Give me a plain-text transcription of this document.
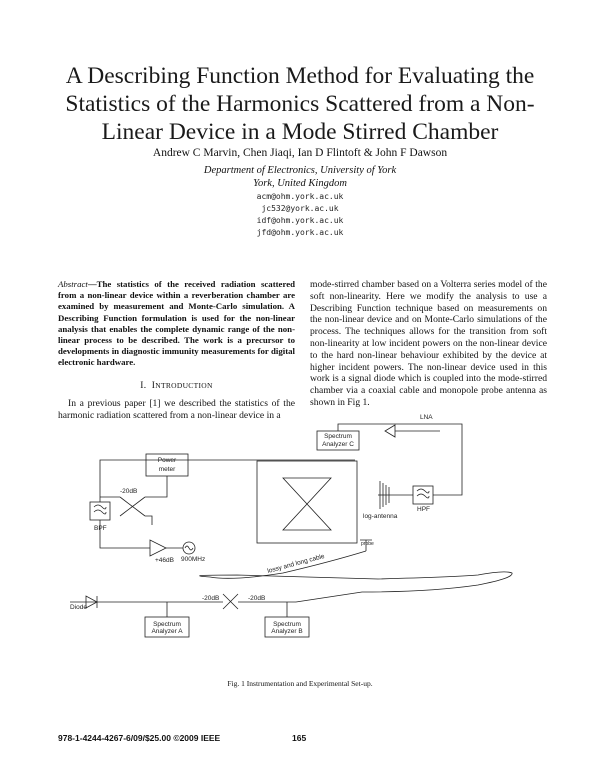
A Describing Function Method for Evaluating the Statistics of the Harmonics Scattered from a Non-Linear Device in a Mode Stirred Chamber
Andrew C Marvin, Chen Jiaqi, Ian D Flintoft & John F Dawson
Department of Electronics, University of York
York, United Kingdom
acm@ohm.york.ac.uk
jc532@york.ac.uk
idf@ohm.york.ac.uk
jfd@ohm.york.ac.uk
Abstract—The statistics of the received radiation scattered from a non-linear device within a reverberation chamber are examined by measurement and Monte-Carlo simulation. A Describing Function formulation is used for the non-linear analysis that enables the complete dynamic range of the non-linear process to be described. The work is a precursor to developments in diagnostic immunity measurements for digital electronic hardware.
I. INTRODUCTION
In a previous paper [1] we described the statistics of the harmonic radiation scattered from a non-linear device in a
mode-stirred chamber based on a Volterra series model of the soft non-linearity. Here we modify the analysis to use a Describing Function technique based on measurements on the non-linear device and on Monte-Carlo simulations of the process. The techniques allows for the transition from soft non-linearity at low incident powers on the non-linear device to the hard non-linear behaviour exhibited by the device at higher incident powers. The non-linear device used in this work is a signal diode which is coupled into the mode-stirred chamber via a coaxial cable and monopole probe antenna as shown in Fig 1.
Power
meter
Spectrum
Analyzer C
LNA
-20dB
BPF
HPF
log-antenna
probe
+46dB 900MHz	lossy and long cable
Diode
-20dB	-20dB
Spectrum
Analyzer A
Spectrum
Analyzer B
Fig. 1 Instrumentation and Experimental Set-up.
978-1-4244-4267-6/09/$25.00 ©2009 IEEE	165
